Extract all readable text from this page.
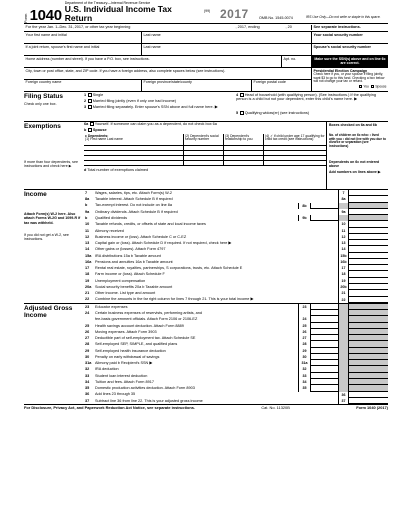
Form 1040
Department of the Treasury—Internal Revenue Service
U.S. Individual Income Tax Return
(99) 2017	OMB No. 1545-0074	IRS Use Only—Do not write or staple in this space.
For the year Jan. 1–Dec. 31, 2017, or other tax year beginning	, 2017, ending	, 20	See separate instructions.
Your first name and initial	Last name	Your social security number
If a joint return, spouse's first name and initial	Last name	Spouse's social security number
Home address (number and street). If you have a P.O. box, see instructions.	Apt. no.	Make sure the SSN(s) above and on line 6c are correct.
City, town or post office, state, and ZIP code. If you have a foreign address, also complete spaces below (see instructions).
Foreign country name	Foreign province/state/county	Foreign postal code
Presidential Election Campaign
Check here if you, or your spouse if filing jointly, want $3 to go to this fund. Checking a box below will not change your tax or refund.
You Spouse
Filing Status
Check only one box.
1 Single
2 Married filing jointly (even if only one had income)
3 Married filing separately. Enter spouse's SSN above and full name here. ▶
4 Head of household (with qualifying person). (See instructions.) If the qualifying person is a child but not your dependent, enter this child's name here. ▶
5 Qualifying widow(er) (see instructions)
Exemptions
If more than four dependents, see instructions and check here ▶
6a Yourself. If someone can claim you as a dependent, do not check box 6a
b Spouse
c Dependents:
(1) First name Last name
(2) Dependent's social security number
(3) Dependent's relationship to you
(4) ✓ if child under age 17 qualifying for child tax credit (see instructions)
d Total number of exemptions claimed
Boxes checked on 6a and 6b
No. of children on 6c who: • lived with you • did not live with you due to divorce or separation (see instructions)
Dependents on 6c not entered above
Add numbers on lines above ▶
Income
Attach Form(s) W-2 here. Also attach Forms W-2G and 1099-R if tax was withheld.
If you did not get a W-2, see instructions.
7	Wages, salaries, tips, etc. Attach Form(s) W-2	7
8a	Taxable interest. Attach Schedule B if required	8a
b	Tax-exempt interest. Do not include on line 8a	8b
9a	Ordinary dividends. Attach Schedule B if required	9a
b	Qualified dividends	9b
10	Taxable refunds, credits, or offsets of state and local income taxes	10
11	Alimony received	11
12	Business income or (loss). Attach Schedule C or C-EZ	12
13	Capital gain or (loss). Attach Schedule D if required. If not required, check here ▶	13
14	Other gains or (losses). Attach Form 4797	14
15a IRA distributions 15a b Taxable amount	15b
16a Pensions and annuities 16a b Taxable amount	16b
17	Rental real estate, royalties, partnerships, S corporations, trusts, etc. Attach Schedule E	17
18	Farm income or (loss). Attach Schedule F	18
19	Unemployment compensation	19
20a Social security benefits 20a b Taxable amount	20b
21	Other income. List type and amount	21
22	Combine the amounts in the far right column for lines 7 through 21. This is your total income ▶	22
Adjusted Gross Income
23	Educator expenses	23
24	Certain business expenses of reservists, performing artists, and
fee-basis government officials. Attach Form 2106 or 2106-EZ	24
25	Health savings account deduction. Attach Form 8889	25
26	Moving expenses. Attach Form 3903	26
27	Deductible part of self-employment tax. Attach Schedule SE	27
28	Self-employed SEP, SIMPLE, and qualified plans	28
29	Self-employed health insurance deduction	29
30	Penalty on early withdrawal of savings	30
31a Alimony paid b Recipient's SSN ▶	31a
32	IRA deduction	32
33	Student loan interest deduction	33
34	Tuition and fees. Attach Form 8917	34
35	Domestic production activities deduction. Attach Form 8903	35
36	Add lines 23 through 35	36
37	Subtract line 36 from line 22. This is your adjusted gross income	37
For Disclosure, Privacy Act, and Paperwork Reduction Act Notice, see separate instructions.	Cat. No. 11320B	Form 1040 (2017)
